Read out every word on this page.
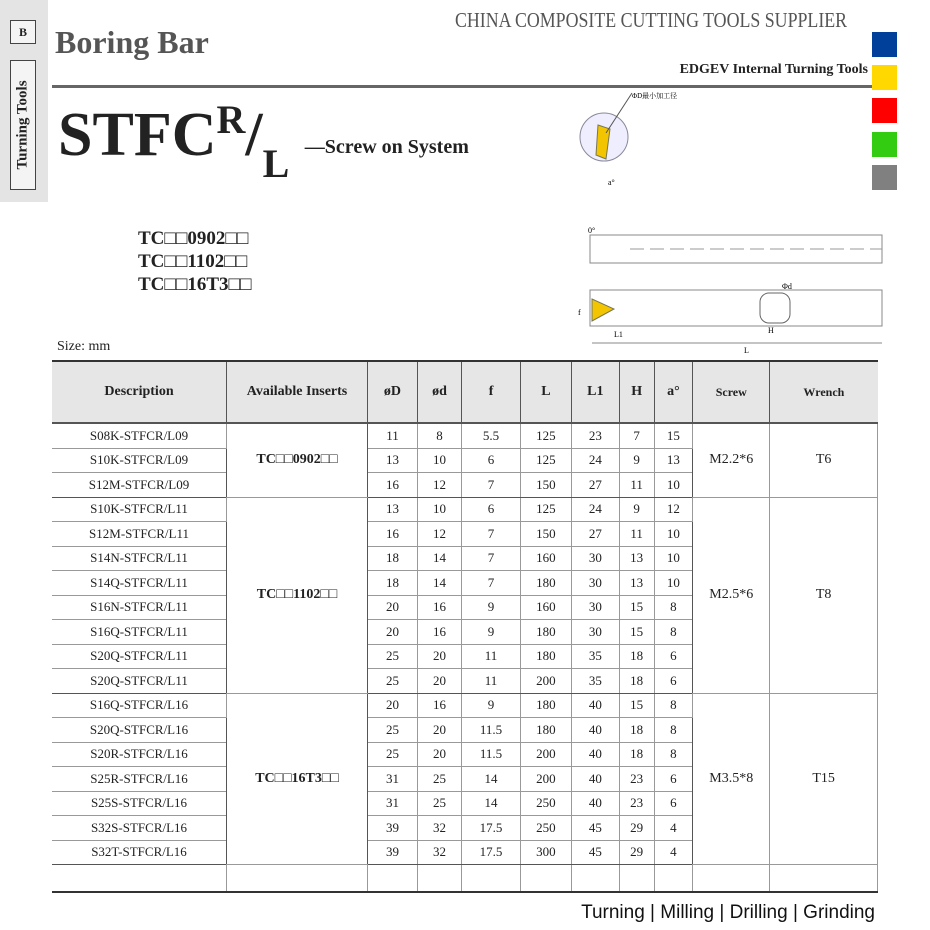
B
Turning Tools
Boring Bar
CHINA COMPOSITE CUTTING TOOLS SUPPLIER
EDGEV Internal Turning Tools
$STFC^R/_L$ —Screw on System
TC□□0902□□
TC□□1102□□
TC□□16T3□□
ΦD最小加工径
a°
0°
Φd
H
L1
f
L
Size: mm
Description	Available Inserts	øD	ød	f	L	L1	H	a°	Screw	Wrench
S08K-STFCR/L09	TC□□0902□□	11	8	5.5	125	23	7	15	M2.2*6	T6
S10K-STFCR/L09		13	10	6	125	24	9	13		
S12M-STFCR/L09		16	12	7	150	27	11	10		
S10K-STFCR/L11	TC□□1102□□	13	10	6	125	24	9	12	M2.5*6	T8
S12M-STFCR/L11		16	12	7	150	27	11	10		
S14N-STFCR/L11		18	14	7	160	30	13	10		
S14Q-STFCR/L11		18	14	7	180	30	13	10		
S16N-STFCR/L11		20	16	9	160	30	15	8		
S16Q-STFCR/L11		20	16	9	180	30	15	8		
S20Q-STFCR/L11		25	20	11	180	35	18	6		
S20Q-STFCR/L11		25	20	11	200	35	18	6		
S16Q-STFCR/L16	TC□□16T3□□	20	16	9	180	40	15	8	M3.5*8	T15
S20Q-STFCR/L16		25	20	11.5	180	40	18	8		
S20R-STFCR/L16		25	20	11.5	200	40	18	8		
S25R-STFCR/L16		31	25	14	200	40	23	6		
S25S-STFCR/L16		31	25	14	250	40	23	6		
S32S-STFCR/L16		39	32	17.5	250	45	29	4		
S32T-STFCR/L16		39	32	17.5	300	45	29	4		

Turning | Milling | Drilling | Grinding
